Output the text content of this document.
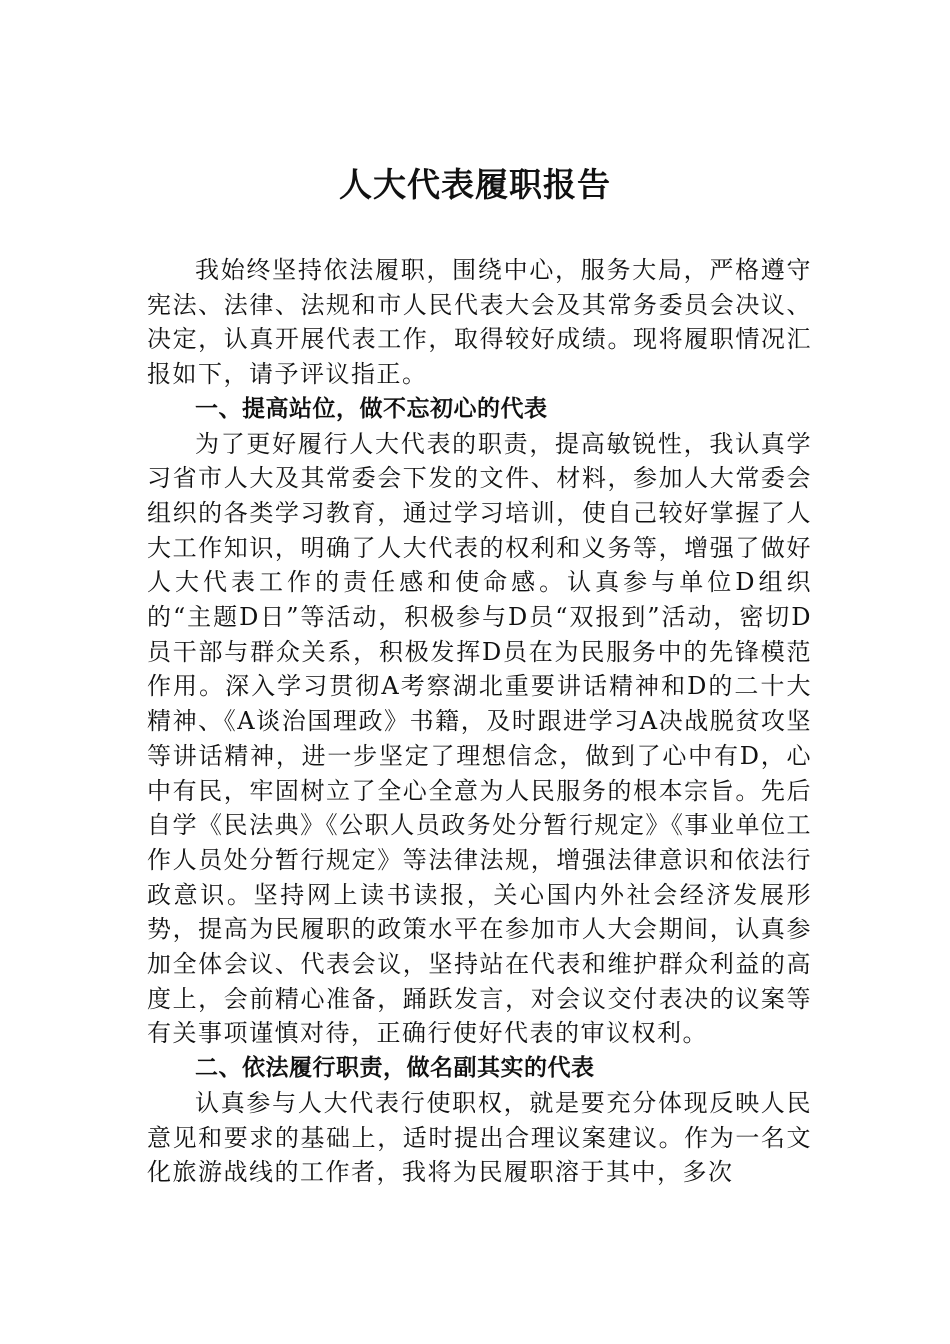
人大代表履职报告

我始终坚持依法履职，围绕中心，服务大局，严格遵守宪法、法律、法规和市人民代表大会及其常务委员会决议、决定，认真开展代表工作，取得较好成绩。现将履职情况汇报如下，请予评议指正。

一、提高站位，做不忘初心的代表

为了更好履行人大代表的职责，提高敏锐性，我认真学习省市人大及其常委会下发的文件、材料，参加人大常委会组织的各类学习教育，通过学习培训，使自己较好掌握了人大工作知识，明确了人大代表的权利和义务等，增强了做好人大代表工作的责任感和使命感。认真参与单位D组织的“主题D日”等活动，积极参与D员“双报到”活动，密切D员干部与群众关系，积极发挥D员在为民服务中的先锋模范作用。深入学习贯彻A考察湖北重要讲话精神和D的二十大精神、《A谈治国理政》书籍，及时跟进学习A决战脱贫攻坚等讲话精神，进一步坚定了理想信念，做到了心中有D，心中有民，牢固树立了全心全意为人民服务的根本宗旨。先后自学《民法典》《公职人员政务处分暂行规定》《事业单位工作人员处分暂行规定》等法律法规，增强法律意识和依法行政意识。坚持网上读书读报，关心国内外社会经济发展形势，提高为民履职的政策水平在参加市人大会期间，认真参加全体会议、代表会议，坚持站在代表和维护群众利益的高度上，会前精心准备，踊跃发言，对会议交付表决的议案等有关事项谨慎对待，正确行使好代表的审议权利。

二、依法履行职责，做名副其实的代表

认真参与人大代表行使职权，就是要充分体现反映人民意见和要求的基础上，适时提出合理议案建议。作为一名文化旅游战线的工作者，我将为民履职溶于其中，多次
